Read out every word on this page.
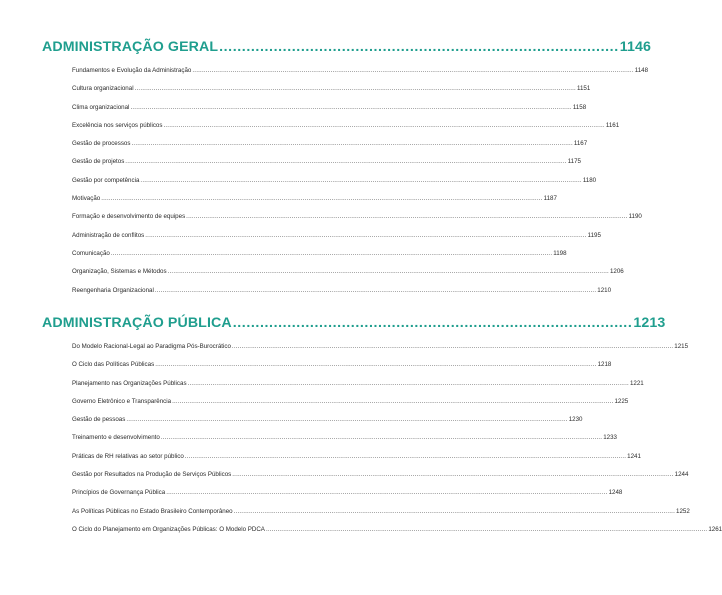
ADMINISTRAÇÃO GERAL ........................................................................................ 1146
Fundamentos e Evolução da Administração ...................................................................................................................................................................................................................................... 1148
Cultura organizacional ...................................................................................................................................................................................................................................... 1151
Clima organizacional ...................................................................................................................................................................................................................................... 1158
Excelência nos serviços públicos ...................................................................................................................................................................................................................................... 1161
Gestão de processos ...................................................................................................................................................................................................................................... 1167
Gestão de projetos ...................................................................................................................................................................................................................................... 1175
Gestão por competência ...................................................................................................................................................................................................................................... 1180
Motivação ...................................................................................................................................................................................................................................... 1187
Formação e desenvolvimento de equipes ...................................................................................................................................................................................................................................... 1190
Administração de conflitos ...................................................................................................................................................................................................................................... 1195
Comunicação ...................................................................................................................................................................................................................................... 1198
Organização, Sistemas e Métodos ...................................................................................................................................................................................................................................... 1206
Reengenharia Organizacional ...................................................................................................................................................................................................................................... 1210
ADMINISTRAÇÃO PÚBLICA ........................................................................................ 1213
Do Modelo Racional-Legal ao Paradigma Pós-Burocrático ...................................................................................................................................................................................................................................... 1215
O Ciclo das Políticas Públicas ...................................................................................................................................................................................................................................... 1218
Planejamento nas Organizações Públicas ...................................................................................................................................................................................................................................... 1221
Governo Eletrônico e Transparência ...................................................................................................................................................................................................................................... 1225
Gestão de pessoas ...................................................................................................................................................................................................................................... 1230
Treinamento e desenvolvimento ...................................................................................................................................................................................................................................... 1233
Práticas de RH relativas ao setor público ...................................................................................................................................................................................................................................... 1241
Gestão por Resultados na Produção de Serviços Públicos ...................................................................................................................................................................................................................................... 1244
Princípios de Governança Pública ...................................................................................................................................................................................................................................... 1248
As Políticas Públicas no Estado Brasileiro Contemporâneo ...................................................................................................................................................................................................................................... 1252
O Ciclo do Planejamento em Organizações Públicas: O Modelo PDCA ...................................................................................................................................................................................................................................... 1261
